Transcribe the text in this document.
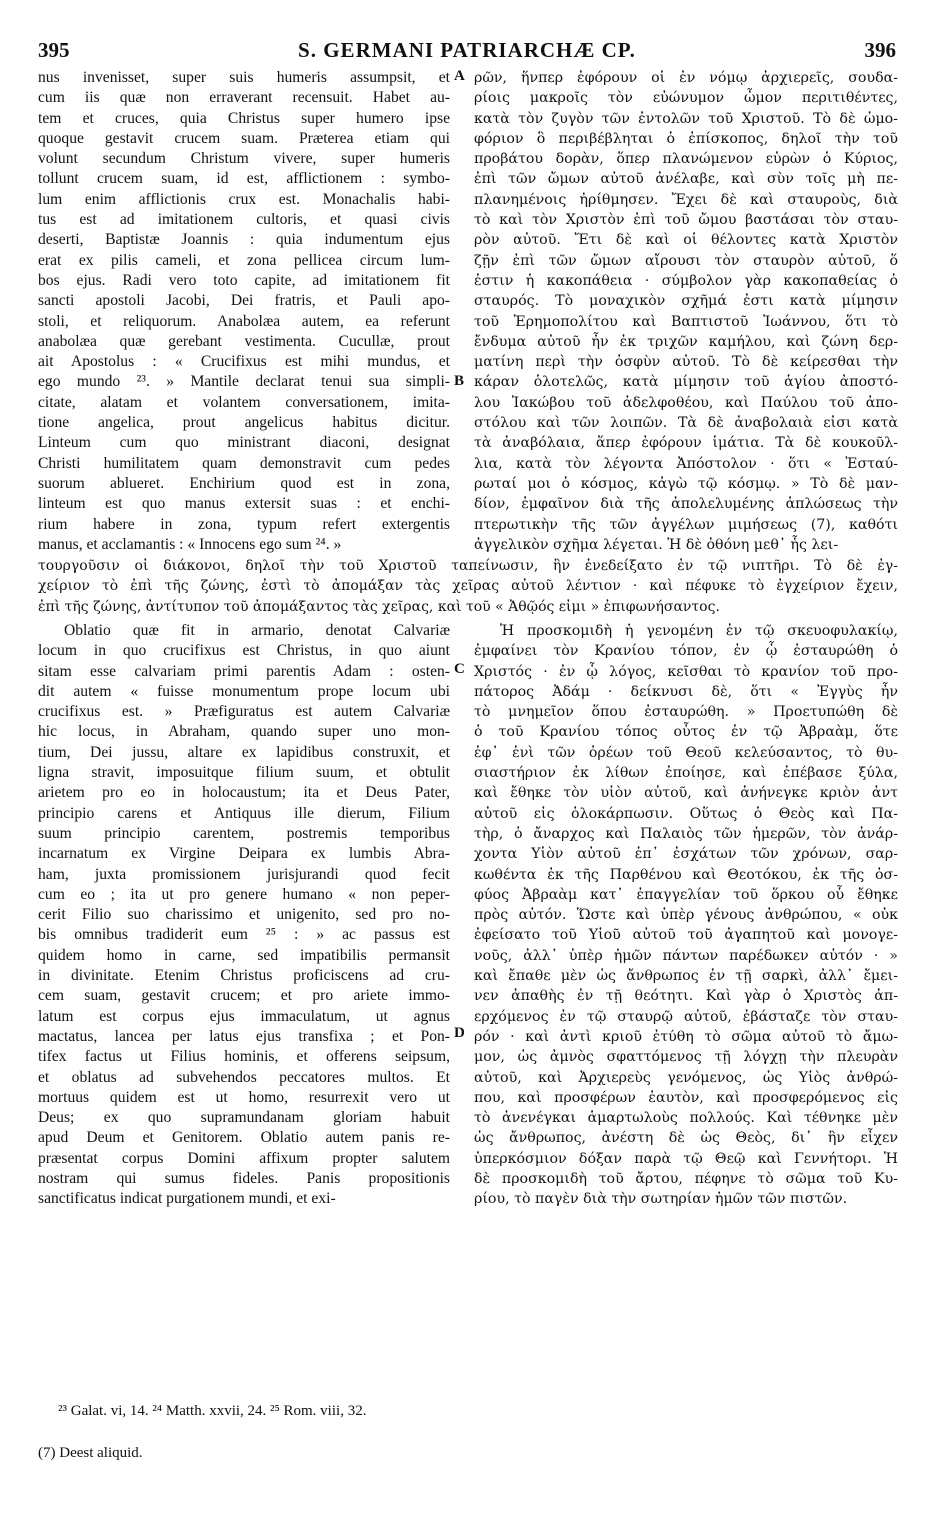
395	S. GERMANI PATRIARCHÆ CP.	396
nus invenisset, super suis humeris assumpsit, et
cum iis quæ non erraverant recensuit. Habet au-
tem et cruces, quia Christus super humero ipse
quoque gestavit crucem suam. Præterea etiam qui
volunt secundum Christum vivere, super humeris
tollunt crucem suam, id est, afflictionem : symbo-
lum enim afflictionis crux est. Monachalis habi-
tus est ad imitationem cultoris, et quasi civis
deserti, Baptistæ Joannis : quia indumentum ejus
erat ex pilis cameli, et zona pellicea circum lum-
bos ejus. Radi vero toto capite, ad imitationem fit
sancti apostoli Jacobi, Dei fratris, et Pauli apo-
stoli, et reliquorum. Anabolæa autem, ea referunt
anabolæa quæ gerebant vestimenta. Cucullæ, prout
ait Apostolus : « Crucifixus est mihi mundus, et
ego mundo ²³. » Mantile declarat tenui sua simpli-
citate, alatam et volantem conversationem, imita-
tione angelica, prout angelicus habitus dicitur.
Linteum cum quo ministrant diaconi, designat
Christi humilitatem quam demonstravit cum pedes
suorum ablueret. Enchirium quod est in zona,
linteum est quo manus extersit suas : et enchi-
rium habere in zona, typum refert extergentis
manus, et acclamantis : « Innocens ego sum ²⁴. »
ρῶν, ἥνπερ ἐφόρουν οἱ ἐν νόμῳ ἀρχιερεῖς, σουδα-
ρίοις μακροῖς τὸν εὐώνυμον ὦμον περιτιθέντες,
κατὰ τὸν ζυγὸν τῶν ἐντολῶν τοῦ Χριστοῦ. Τὸ δὲ ὠμο-
φόριον ὃ περιβέβληται ὁ ἐπίσκοπος, δηλοῖ τὴν τοῦ
προβάτου δορὰν, ὅπερ πλανώμενον εὑρὼν ὁ Κύριος,
ἐπὶ τῶν ὤμων αὐτοῦ ἀνέλαβε, καὶ σὺν τοῖς μὴ πε-
πλανημένοις ἠρίθμησεν. Ἔχει δὲ καὶ σταυροὺς, διὰ
τὸ καὶ τὸν Χριστὸν ἐπὶ τοῦ ὤμου βαστάσαι τὸν σταυ-
ρὸν αὐτοῦ. Ἔτι δὲ καὶ οἱ θέλοντες κατὰ Χριστὸν
ζῇν ἐπὶ τῶν ὤμων αἴρουσι τὸν σταυρὸν αὐτοῦ, ὅ
ἐστιν ἡ κακοπάθεια · σύμβολον γὰρ κακοπαθείας ὁ
σταυρός. Τὸ μοναχικὸν σχῆμά ἐστι κατὰ μίμησιν
τοῦ Ἐρημοπολίτου καὶ Βαπτιστοῦ Ἰωάννου, ὅτι τὸ
ἔνδυμα αὐτοῦ ἦν ἐκ τριχῶν καμήλου, καὶ ζώνη δερ-
ματίνη περὶ τὴν ὀσφὺν αὐτοῦ. Τὸ δὲ κείρεσθαι τὴν
κάραν ὁλοτελῶς, κατὰ μίμησιν τοῦ ἁγίου ἀποστό-
λου Ἰακώβου τοῦ ἀδελφοθέου, καὶ Παύλου τοῦ ἀπο-
στόλου καὶ τῶν λοιπῶν. Τὰ δὲ ἀναβολαιὰ εἰσι κατὰ
τὰ ἀναβόλαια, ἅπερ ἐφόρουν ἱμάτια. Τὰ δὲ κουκοῦλ-
λια, κατὰ τὸν λέγοντα Ἀπόστολον · ὅτι « Ἐσταύ-
ρωταί μοι ὁ κόσμος, κἀγὼ τῷ κόσμῳ. » Τὸ δὲ μαν-
δίον, ἐμφαῖνον διὰ τῆς ἀπολελυμένης ἁπλώσεως τὴν
πτερωτικὴν τῆς τῶν ἀγγέλων μιμήσεως (7), καθότι
ἀγγελικὸν σχῆμα λέγεται. Ἡ δὲ ὀθόνη μεθ᾽ ἧς λει-
τουργοῦσιν οἱ διάκονοι, δηλοῖ τὴν τοῦ Χριστοῦ ταπείνωσιν, ἣν ἐνεδείξατο ἐν τῷ νιπτῆρι. Τὸ δὲ ἐγ-
χείριον τὸ ἐπὶ τῆς ζώνης, ἐστὶ τὸ ἀπομάξαν τὰς χεῖρας αὐτοῦ λέντιον · καὶ πέφυκε τὸ ἐγχείριον ἔχειν,
ἐπὶ τῆς ζώνης, ἀντίτυπον τοῦ ἀπομάξαντος τὰς χεῖρας, καὶ τοῦ « Ἀθῷός εἰμι » ἐπιφωνήσαντος.
Oblatio quæ fit in armario, denotat Calvariæ
locum in quo crucifixus est Christus, in quo aiunt
sitam esse calvariam primi parentis Adam : osten-
dit autem « fuisse monumentum prope locum ubi
crucifixus est. » Præfiguratus est autem Calvariæ
hic locus, in Abraham, quando super uno mon-
tium, Dei jussu, altare ex lapidibus construxit, et
ligna stravit, imposuitque filium suum, et obtulit
arietem pro eo in holocaustum; ita et Deus Pater,
principio carens et Antiquus ille dierum, Filium
suum principio carentem, postremis temporibus
incarnatum ex Virgine Deipara ex lumbis Abra-
ham, juxta promissionem jurisjurandi quod fecit
cum eo ; ita ut pro genere humano « non peper-
cerit Filio suo charissimo et unigenito, sed pro no-
bis omnibus tradiderit eum ²⁵ : » ac passus est
quidem homo in carne, sed impatibilis permansit
in divinitate. Etenim Christus proficiscens ad cru-
cem suam, gestavit crucem; et pro ariete immo-
latum est corpus ejus immaculatum, ut agnus
mactatus, lancea per latus ejus transfixa ; et Pon-
tifex factus ut Filius hominis, et offerens seipsum,
et oblatus ad subvehendos peccatores multos. Et
mortuus quidem est ut homo, resurrexit vero ut
Deus; ex quo supramundanam gloriam habuit
apud Deum et Genitorem. Oblatio autem panis re-
præsentat corpus Domini affixum propter salutem
nostram qui sumus fideles. Panis propositionis
sanctificatus indicat purgationem mundi, et exi-
Ἡ προσκομιδὴ ἡ γενομένη ἐν τῷ σκευοφυλακίῳ,
ἐμφαίνει τὸν Κρανίου τόπον, ἐν ᾧ ἐσταυρώθη ὁ
Χριστός · ἐν ᾧ λόγος, κεῖσθαι τὸ κρανίον τοῦ προ-
πάτορος Ἀδάμ · δείκνυσι δὲ, ὅτι « Ἐγγὺς ἦν
τὸ μνημεῖον ὅπου ἐσταυρώθη. » Προετυπώθη δὲ
ὁ τοῦ Κρανίου τόπος οὗτος ἐν τῷ Ἀβραὰμ, ὅτε
ἐφ᾽ ἑνὶ τῶν ὀρέων τοῦ Θεοῦ κελεύσαντος, τὸ θυ-
σιαστήριον ἐκ λίθων ἐποίησε, καὶ ἐπέβασε ξύλα,
καὶ ἔθηκε τὸν υἱὸν αὐτοῦ, καὶ ἀνήνεγκε κριὸν ἀντ
αὐτοῦ εἰς ὁλοκάρπωσιν. Οὕτως ὁ Θεὸς καὶ Πα-
τὴρ, ὁ ἄναρχος καὶ Παλαιὸς τῶν ἡμερῶν, τὸν ἀνάρ-
χοντα Υἱὸν αὐτοῦ ἐπ᾽ ἐσχάτων τῶν χρόνων, σαρ-
κωθέντα ἐκ τῆς Παρθένου καὶ Θεοτόκου, ἐκ τῆς ὀσ-
φύος Ἀβραὰμ κατ᾽ ἐπαγγελίαν τοῦ ὅρκου οὗ ἔθηκε
πρὸς αὐτόν. Ὥστε καὶ ὑπὲρ γένους ἀνθρώπου, « οὐκ
ἐφείσατο τοῦ Υἱοῦ αὐτοῦ τοῦ ἀγαπητοῦ καὶ μονογε-
νοῦς, ἀλλ᾽ ὑπὲρ ἡμῶν πάντων παρέδωκεν αὐτόν · »
καὶ ἔπαθε μὲν ὡς ἄνθρωπος ἐν τῇ σαρκὶ, ἀλλ᾽ ἔμει-
νεν ἀπαθὴς ἐν τῇ θεότητι. Καὶ γὰρ ὁ Χριστὸς ἀπ-
ερχόμενος ἐν τῷ σταυρῷ αὐτοῦ, ἐβάσταζε τὸν σταυ-
ρόν · καὶ ἀντὶ κριοῦ ἐτύθη τὸ σῶμα αὐτοῦ τὸ ἄμω-
μον, ὡς ἀμνὸς σφαττόμενος τῇ λόγχῃ τὴν πλευρὰν
αὐτοῦ, καὶ Ἀρχιερεὺς γενόμενος, ὡς Υἱὸς ἀνθρώ-
που, καὶ προσφέρων ἑαυτὸν, καὶ προσφερόμενος εἰς
τὸ ἀνενέγκαι ἁμαρτωλοὺς πολλούς. Καὶ τέθνηκε μὲν
ὡς ἄνθρωπος, ἀνέστη δὲ ὡς Θεὸς, δι᾽ ἣν εἶχεν
ὑπερκόσμιον δόξαν παρὰ τῷ Θεῷ καὶ Γεννήτορι. Ἡ
δὲ προσκομιδὴ τοῦ ἄρτου, πέφηνε τὸ σῶμα τοῦ Κυ-
ρίου, τὸ παγὲν διὰ τὴν σωτηρίαν ἡμῶν τῶν πιστῶν.
A
B
C
D
²³ Galat. vi, 14. ²⁴ Matth. xxvii, 24. ²⁵ Rom. viii, 32.
(7) Deest aliquid.
